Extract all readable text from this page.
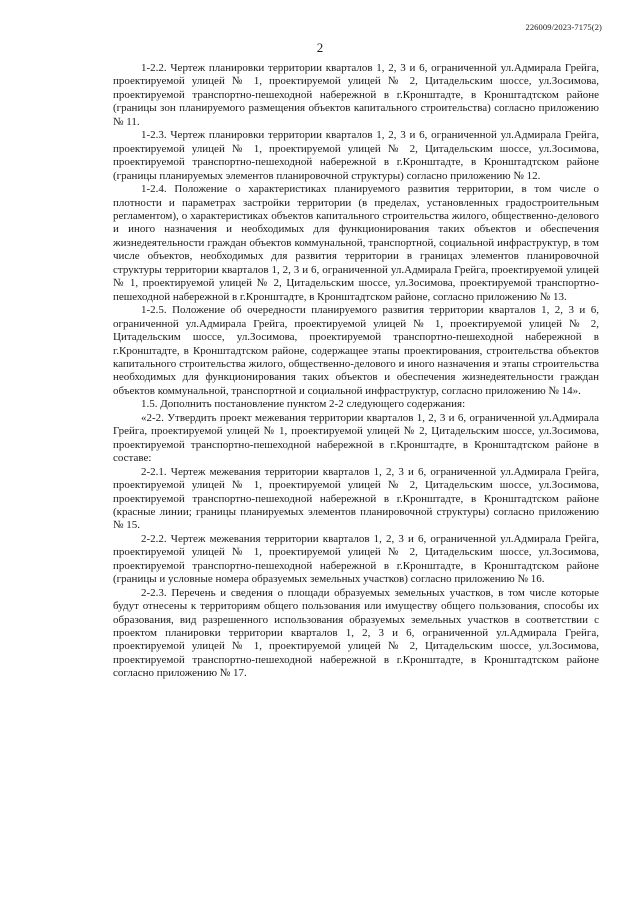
226009/2023-7175(2)
2

1-2.2. Чертеж планировки территории кварталов 1, 2, 3 и 6, ограниченной ул.Адмирала Грейга, проектируемой улицей № 1, проектируемой улицей № 2, Цитадельским шоссе, ул.Зосимова, проектируемой транспортно-пешеходной набережной в г.Кронштадте, в Кронштадтском районе (границы зон планируемого размещения объектов капитального строительства) согласно приложению № 11.

1-2.3. Чертеж планировки территории кварталов 1, 2, 3 и 6, ограниченной ул.Адмирала Грейга, проектируемой улицей № 1, проектируемой улицей № 2, Цитадельским шоссе, ул.Зосимова, проектируемой транспортно-пешеходной набережной в г.Кронштадте, в Кронштадтском районе (границы планируемых элементов планировочной структуры) согласно приложению № 12.

1-2.4. Положение о характеристиках планируемого развития территории, в том числе о плотности и параметрах застройки территории (в пределах, установленных градостроительным регламентом), о характеристиках объектов капитального строительства жилого, общественно-делового и иного назначения и необходимых для функционирования таких объектов и обеспечения жизнедеятельности граждан объектов коммунальной, транспортной, социальной инфраструктур, в том числе объектов, необходимых для развития территории в границах элементов планировочной структуры территории кварталов 1, 2, 3 и 6, ограниченной ул.Адмирала Грейга, проектируемой улицей № 1, проектируемой улицей № 2, Цитадельским шоссе, ул.Зосимова, проектируемой транспортно-пешеходной набережной в г.Кронштадте, в Кронштадтском районе, согласно приложению № 13.

1-2.5. Положение об очередности планируемого развития территории кварталов 1, 2, 3 и 6, ограниченной ул.Адмирала Грейга, проектируемой улицей № 1, проектируемой улицей № 2, Цитадельским шоссе, ул.Зосимова, проектируемой транспортно-пешеходной набережной в г.Кронштадте, в Кронштадтском районе, содержащее этапы проектирования, строительства объектов капитального строительства жилого, общественно-делового и иного назначения и этапы строительства необходимых для функционирования таких объектов и обеспечения жизнедеятельности граждан объектов коммунальной, транспортной и социальной инфраструктур, согласно приложению № 14».

1.5. Дополнить постановление пунктом 2-2 следующего содержания:

«2-2. Утвердить проект межевания территории кварталов 1, 2, 3 и 6, ограниченной ул.Адмирала Грейга, проектируемой улицей № 1, проектируемой улицей № 2, Цитадельским шоссе, ул.Зосимова, проектируемой транспортно-пешеходной набережной в г.Кронштадте, в Кронштадтском районе в составе:

2-2.1. Чертеж межевания территории кварталов 1, 2, 3 и 6, ограниченной ул.Адмирала Грейга, проектируемой улицей № 1, проектируемой улицей № 2, Цитадельским шоссе, ул.Зосимова, проектируемой транспортно-пешеходной набережной в г.Кронштадте, в Кронштадтском районе (красные линии; границы планируемых элементов планировочной структуры) согласно приложению № 15.

2-2.2. Чертеж межевания территории кварталов 1, 2, 3 и 6, ограниченной ул.Адмирала Грейга, проектируемой улицей № 1, проектируемой улицей № 2, Цитадельским шоссе, ул.Зосимова, проектируемой транспортно-пешеходной набережной в г.Кронштадте, в Кронштадтском районе (границы и условные номера образуемых земельных участков) согласно приложению № 16.

2-2.3. Перечень и сведения о площади образуемых земельных участков, в том числе которые будут отнесены к территориям общего пользования или имуществу общего пользования, способы их образования, вид разрешенного использования образуемых земельных участков в соответствии с проектом планировки территории кварталов 1, 2, 3 и 6, ограниченной ул.Адмирала Грейга, проектируемой улицей № 1, проектируемой улицей № 2, Цитадельским шоссе, ул.Зосимова, проектируемой транспортно-пешеходной набережной в г.Кронштадте, в Кронштадтском районе согласно приложению № 17.
